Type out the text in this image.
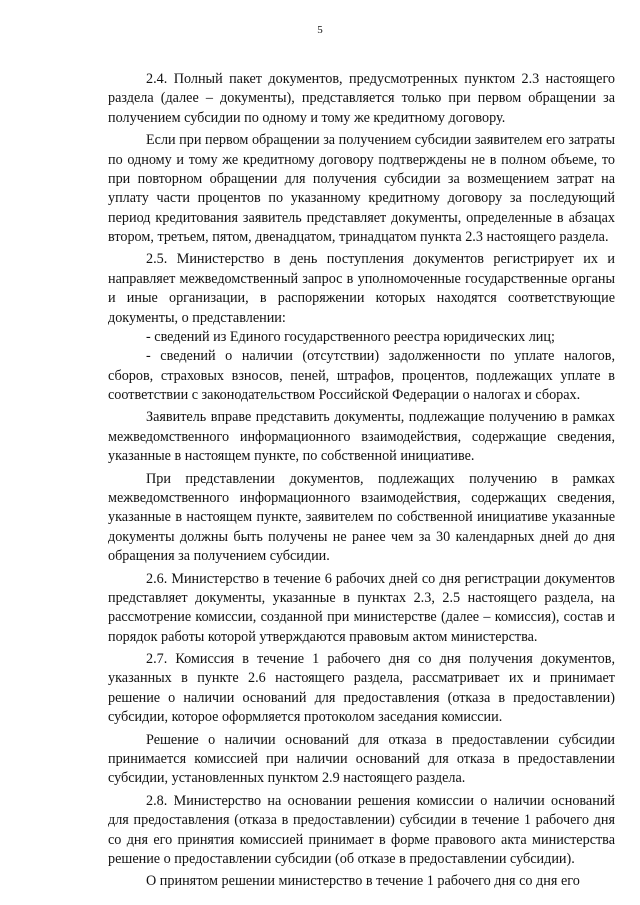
5

2.4. Полный пакет документов, предусмотренных пунктом 2.3 настоящего раздела (далее – документы), представляется только при первом обращении за получением субсидии по одному и тому же кредитному договору.

Если при первом обращении за получением субсидии заявителем его затраты по одному и тому же кредитному договору подтверждены не в полном объеме, то при повторном обращении для получения субсидии за возмещением затрат на уплату части процентов по указанному кредитному договору за последующий период кредитования заявитель представляет документы, определенные в абзацах втором, третьем, пятом, двенадцатом, тринадцатом пункта 2.3 настоящего раздела.

2.5. Министерство в день поступления документов регистрирует их и направляет межведомственный запрос в уполномоченные государственные органы и иные организации, в распоряжении которых находятся соответствующие документы, о представлении:

- сведений из Единого государственного реестра юридических лиц;

- сведений о наличии (отсутствии) задолженности по уплате налогов, сборов, страховых взносов, пеней, штрафов, процентов, подлежащих уплате в соответствии с законодательством Российской Федерации о налогах и сборах.

Заявитель вправе представить документы, подлежащие получению в рамках межведомственного информационного взаимодействия, содержащие сведения, указанные в настоящем пункте, по собственной инициативе.

При представлении документов, подлежащих получению в рамках межведомственного информационного взаимодействия, содержащих сведения, указанные в настоящем пункте, заявителем по собственной инициативе указанные документы должны быть получены не ранее чем за 30 календарных дней до дня обращения за получением субсидии.

2.6. Министерство в течение 6 рабочих дней со дня регистрации документов представляет документы, указанные в пунктах 2.3, 2.5 настоящего раздела, на рассмотрение комиссии, созданной при министерстве (далее – комиссия), состав и порядок работы которой утверждаются правовым актом министерства.

2.7. Комиссия в течение 1 рабочего дня со дня получения документов, указанных в пункте 2.6 настоящего раздела, рассматривает их и принимает решение о наличии оснований для предоставления (отказа в предоставлении) субсидии, которое оформляется протоколом заседания комиссии.

Решение о наличии оснований для отказа в предоставлении субсидии принимается комиссией при наличии оснований для отказа в предоставлении субсидии, установленных пунктом 2.9 настоящего раздела.

2.8. Министерство на основании решения комиссии о наличии оснований для предоставления (отказа в предоставлении) субсидии в течение 1 рабочего дня со дня его принятия комиссией принимает в форме правового акта министерства решение о предоставлении субсидии (об отказе в предоставлении субсидии).

О принятом решении министерство в течение 1 рабочего дня со дня его
